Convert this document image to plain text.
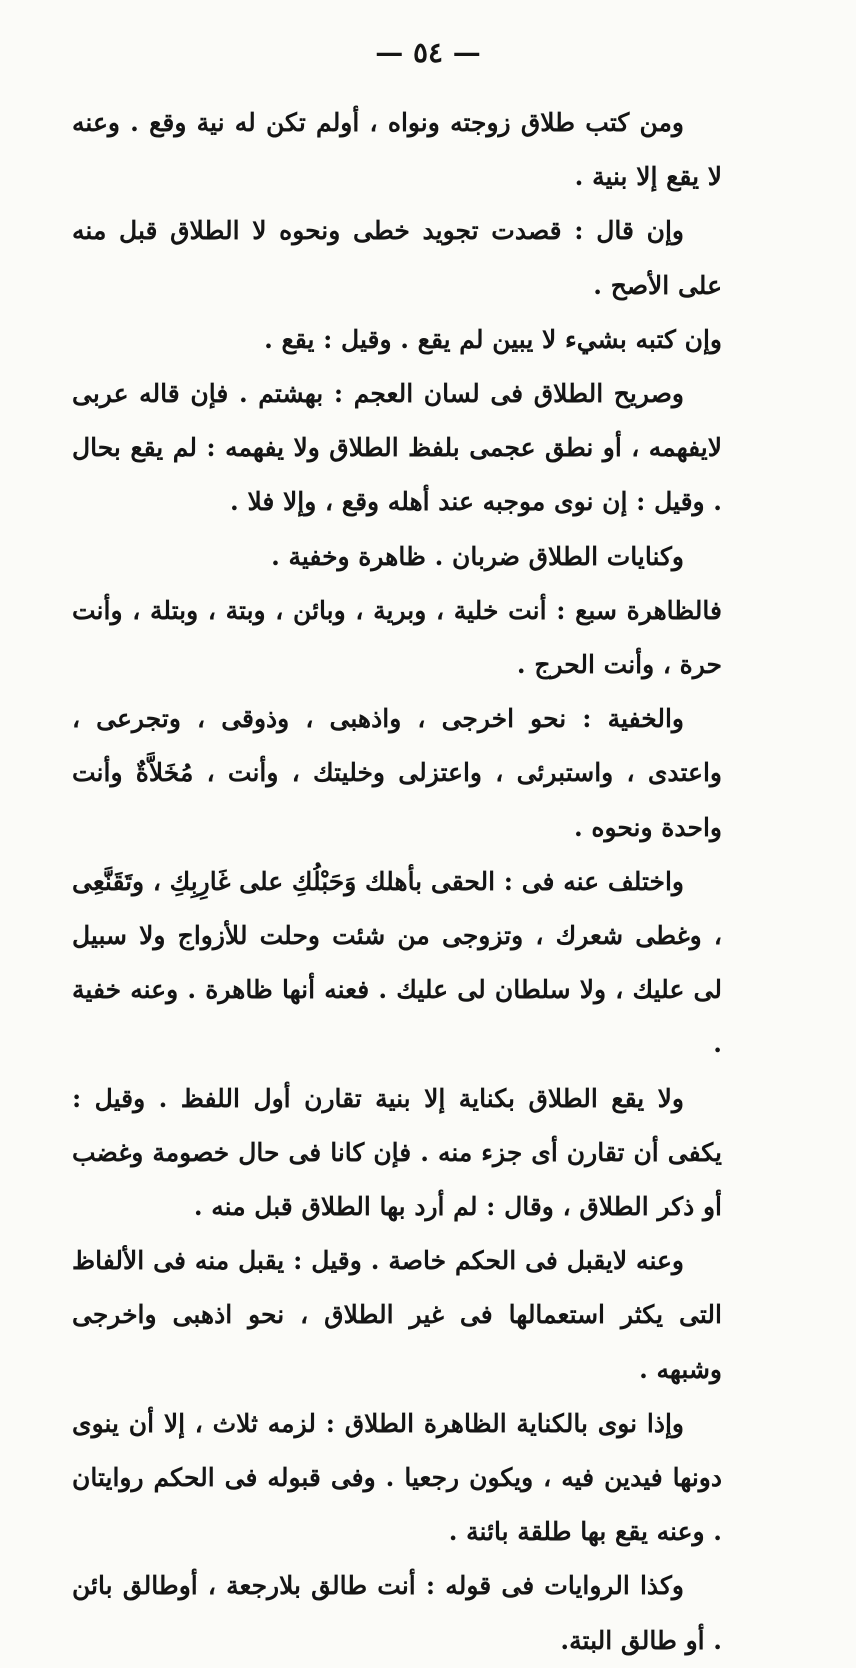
— ٥٤ —

ومن كتب طلاق زوجته ونواه ، أولم تكن له نية وقع . وعنه لا يقع إلا بنية .

وإن قال : قصدت تجويد خطى ونحوه لا الطلاق قبل منه على الأصح .

وإن كتبه بشيء لا يبين لم يقع . وقيل : يقع .

وصريح الطلاق فى لسان العجم : بهشتم . فإن قاله عربى لايفهمه ، أو نطق عجمى بلفظ الطلاق ولا يفهمه : لم يقع بحال . وقيل : إن نوى موجبه عند أهله وقع ، وإلا فلا .

وكنايات الطلاق ضربان . ظاهرة وخفية .

فالظاهرة سبع : أنت خلية ، وبرية ، وبائن ، وبتة ، وبتلة ، وأنت حرة ، وأنت الحرج .

والخفية : نحو اخرجى ، واذهبى ، وذوقى ، وتجرعى ، واعتدى ، واستبرئى ، واعتزلى وخليتك ، وأنت ، مُخَلاَّةٌ وأنت واحدة ونحوه .

واختلف عنه فى : الحقى بأهلك وَحَبْلُكِ على غَارِبِكِ ، وتَقَنَّعِى ، وغطى شعرك ، وتزوجى من شئت وحلت للأزواج ولا سبيل لى عليك ، ولا سلطان لى عليك . فعنه أنها ظاهرة . وعنه خفية .

ولا يقع الطلاق بكناية إلا بنية تقارن أول اللفظ . وقيل : يكفى أن تقارن أى جزء منه . فإن كانا فى حال خصومة وغضب أو ذكر الطلاق ، وقال : لم أرد بها الطلاق قبل منه .

وعنه لايقبل فى الحكم خاصة . وقيل : يقبل منه فى الألفاظ التى يكثر استعمالها فى غير الطلاق ، نحو اذهبى واخرجى وشبهه .

وإذا نوى بالكناية الظاهرة الطلاق : لزمه ثلاث ، إلا أن ينوى دونها فيدين فيه ، ويكون رجعيا . وفى قبوله فى الحكم روايتان . وعنه يقع بها طلقة بائنة .

وكذا الروايات فى قوله : أنت طالق بلارجعة ، أوطالق بائن . أو طالق البتة.
